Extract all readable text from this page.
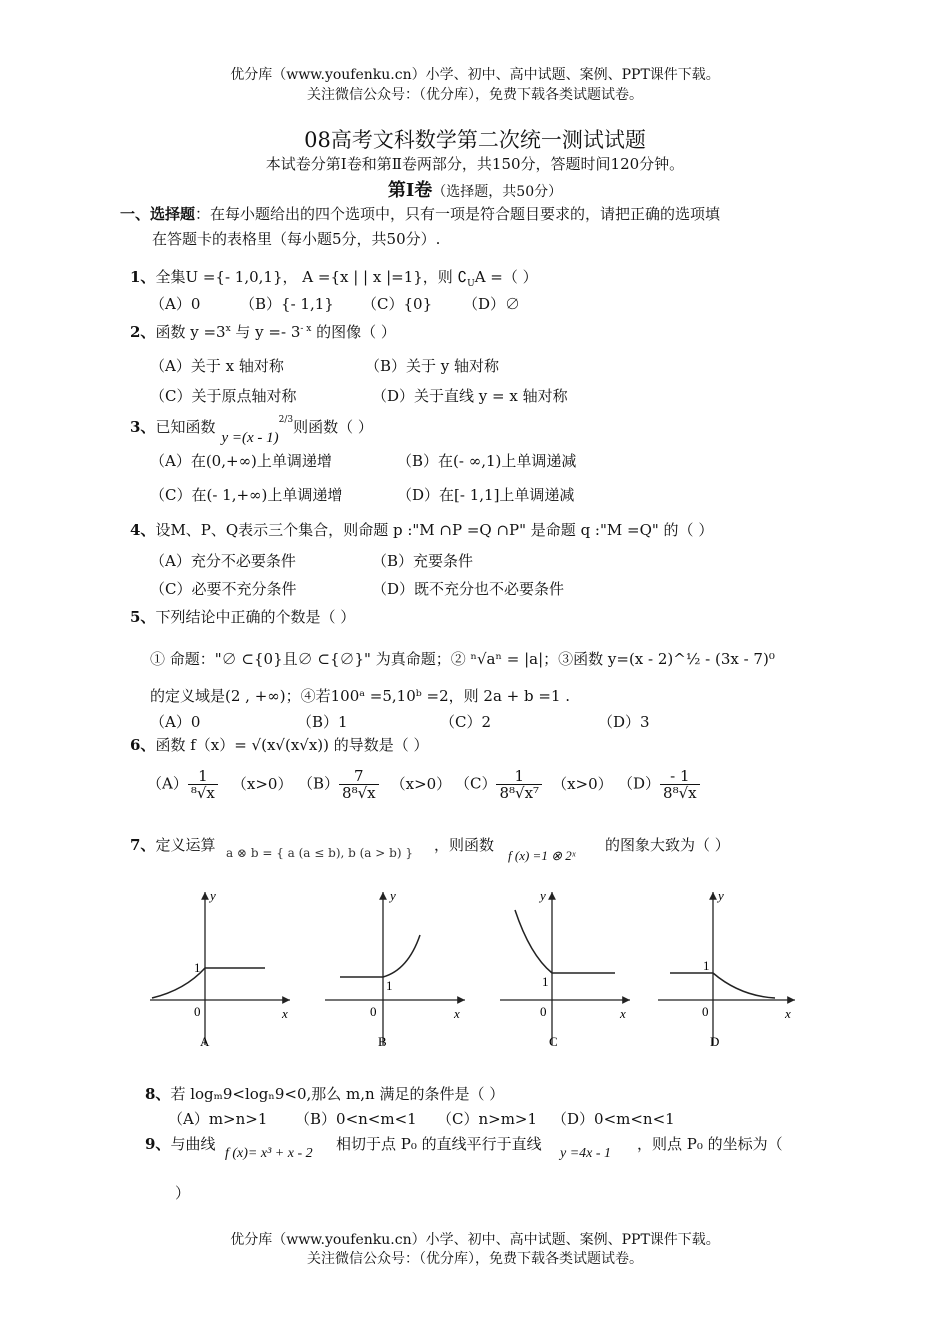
优分库（www.youfenku.cn）小学、初中、高中试题、案例、PPT课件下载。
关注微信公众号：（优分库），免费下载各类试题试卷。
08高考文科数学第二次统一测试试题
本试卷分第Ⅰ卷和第Ⅱ卷两部分，共150分，答题时间120分钟。
第Ⅰ卷（选择题，共50分）
一、选择题：在每小题给出的四个选项中，只有一项是符合题目要求的，请把正确的选项填
在答题卡的表格里（每小题5分，共50分）.
1、全集U ={- 1,0,1}， A ={x | | x |=1}，则 $∁_UA$ =（ ）
（A）0	（B）{- 1,1} （C）{0} （D）∅
2、函数 $y =3^x$ 与 $y =- 3^{- x}$ 的图像（ ）
（A）关于 x 轴对称	（B）关于 y 轴对称
（C）关于原点轴对称	（D）关于直线 y = x 轴对称
3、已知函数y =(x - 1)$^{2/3}$则函数（ ）
（A）在(0,+∞)上单调递增	（B）在(- ∞,1)上单调递减
（C）在(- 1,+∞)上单调递增	（D）在[- 1,1]上单调递减
4、设M、P、Q表示三个集合，则命题 p :"M ∩P =Q ∩P" 是命题 q :"M =Q" 的（ ）
（A）充分不必要条件	（B）充要条件
（C）必要不充分条件	（D）既不充分也不必要条件
5、下列结论中正确的个数是（ ）
① 命题："∅ ⊂{0}且∅ ⊂{∅}" 为真命题；② ⁿ√aⁿ = |a|；③函数 y=(x - 2)^½ - (3x - 7)⁰
的定义域是(2 , +∞)；④若100ᵃ =5,10ᵇ =2，则 2a + b =1 .
（A）0	（B）1	（C）2	（D）3
6、函数 f（x）= √(x√(x√x)) 的导数是（ ）
$(A) \frac{1}{\text{⁸√x}} (x>0)$ $(B) \frac{7}{\text{8⁸√x}} (x>0)$ $(C) \frac{1}{\text{8⁸√x⁷}} (x>0)$ $(D) \frac{- 1}{\text{8⁸√x}}$
7、定义运算 a ⊗ b = { a (a ≤ b), b (a > b) } ，则函数
f (x) =1 ⊗ 2ˣ
的图象大致为（ ）
y
x
0
1
A
y
x
0
1
B
y
x
0
1
C
y
x
0
1
D
8、若 logₘ9<logₙ9<0,那么 m,n 满足的条件是（ ）
（A）m>n>1 （B）0<n<m<1 （C）n>m>1 （D）0<m<n<1
9、与曲线
f (x)= x³ + x - 2
相切于点 P₀ 的直线平行于直线
y =4x - 1
，则点 P₀ 的坐标为（
）
优分库（www.youfenku.cn）小学、初中、高中试题、案例、PPT课件下载。
关注微信公众号：（优分库），免费下载各类试题试卷。
